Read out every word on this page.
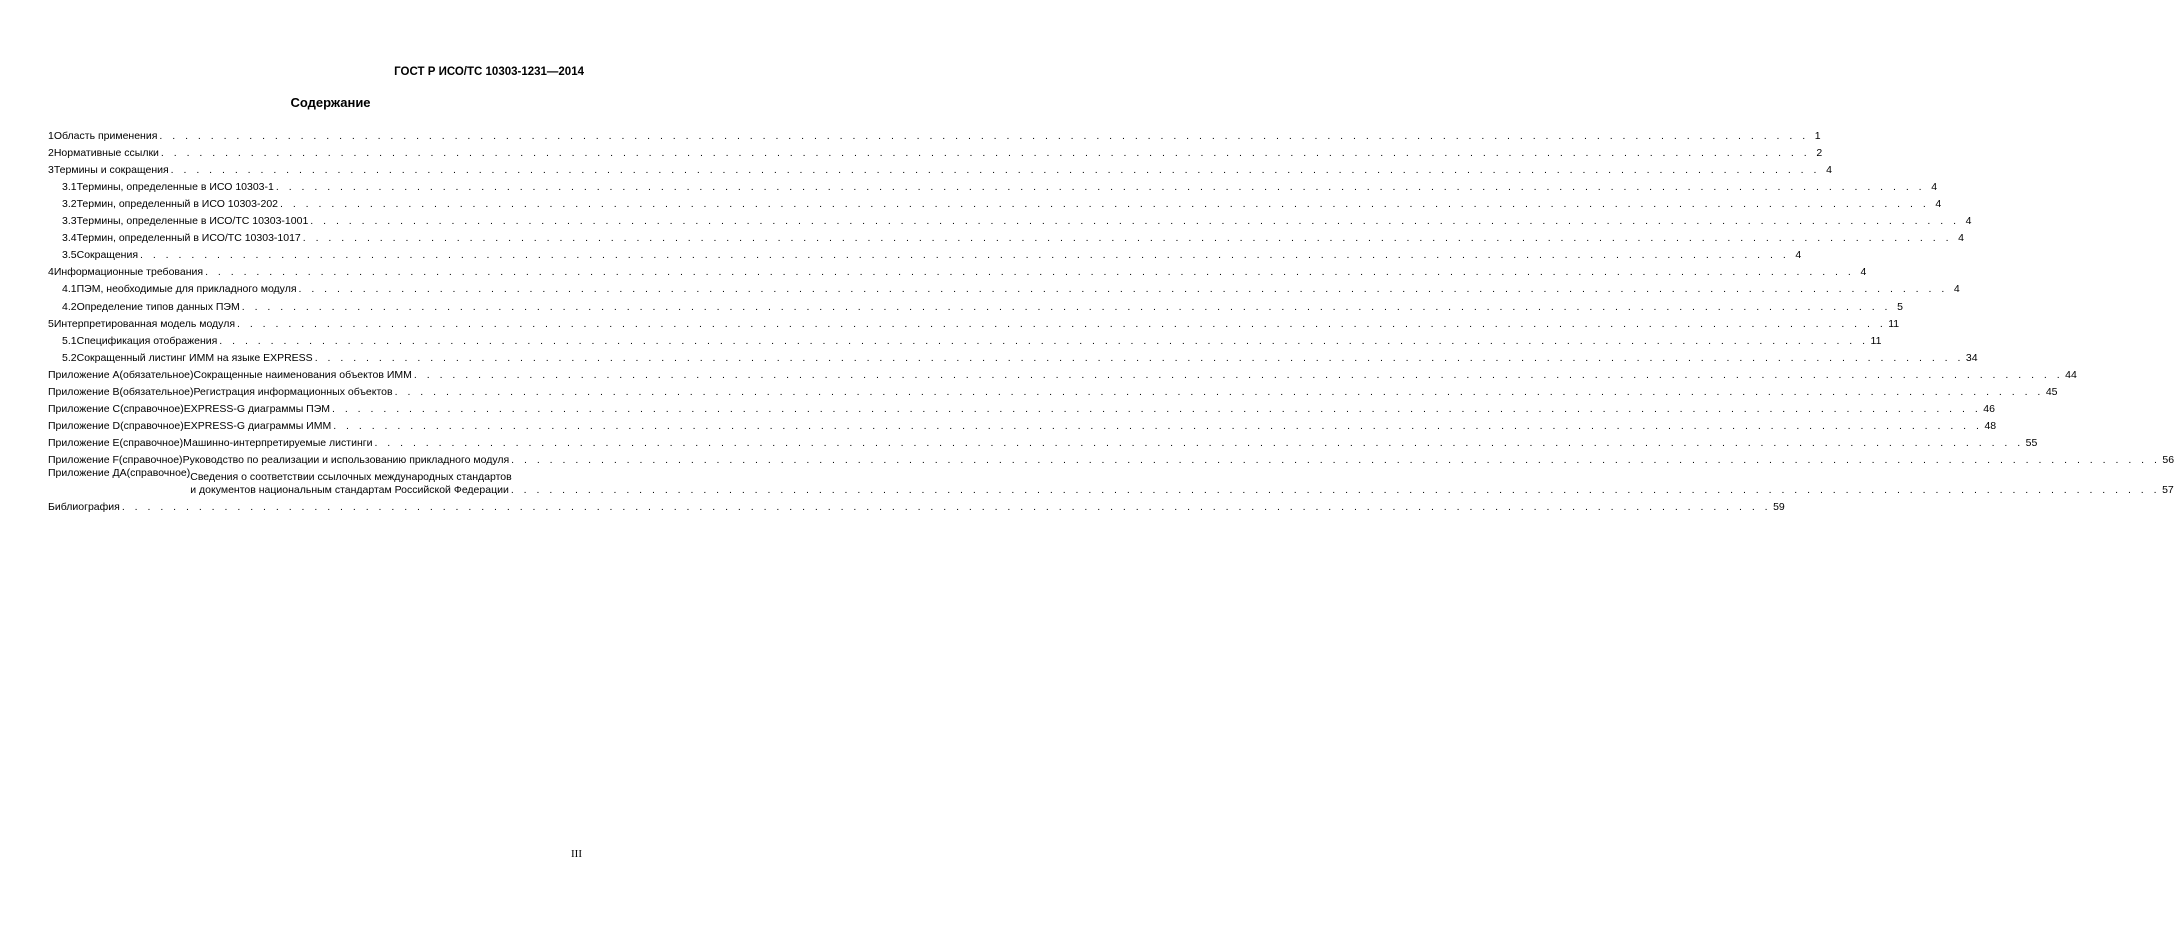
ГОСТ Р ИСО/ТС 10303-1231—2014
Содержание
1 Область применения . . .	1
2 Нормативные ссылки . . .	2
3 Термины и сокращения . . .	4
3.1 Термины, определенные в ИСО 10303-1 . . .	4
3.2 Термин, определенный в ИСО 10303-202 . . .	4
3.3 Термины, определенные в ИСО/ТС 10303-1001 . . .	4
3.4 Термин, определенный в ИСО/ТС 10303-1017 . . .	4
3.5 Сокращения . . .	4
4 Информационные требования . . .	4
4.1 ПЭМ, необходимые для прикладного модуля . . .	4
4.2 Определение типов данных ПЭМ . . .	5
5 Интерпретированная модель модуля . . .	11
5.1 Спецификация отображения . . .	11
5.2 Сокращенный листинг ИММ на языке EXPRESS . . .	34
Приложение А (обязательное) Сокращенные наименования объектов ИММ . . .	44
Приложение В (обязательное) Регистрация информационных объектов . . .	45
Приложение С (справочное) EXPRESS-G диаграммы ПЭМ . . .	46
Приложение D (справочное) EXPRESS-G диаграммы ИММ . . .	48
Приложение Е (справочное) Машинно-интерпретируемые листинги . . .	55
Приложение F (справочное) Руководство по реализации и использованию прикладного модуля . . .	56
Приложение ДА (справочное) Сведения о соответствии ссылочных международных стандартов
и документов национальным стандартам Российской Федерации . . .	57
Библиография . . .	59
III
